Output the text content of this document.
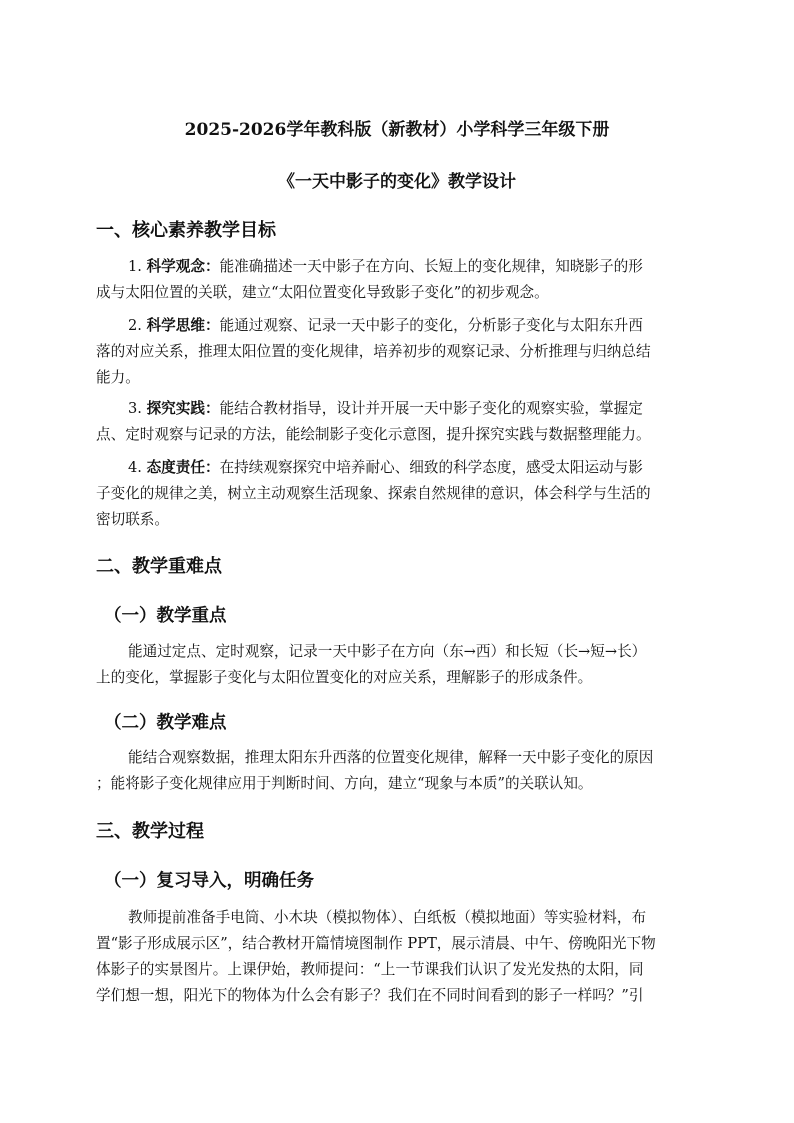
2025-2026学年教科版（新教材）小学科学三年级下册
《一天中影子的变化》教学设计
一、核心素养教学目标
1. 科学观念：能准确描述一天中影子在方向、长短上的变化规律，知晓影子的形
成与太阳位置的关联，建立“太阳位置变化导致影子变化”的初步观念。
2. 科学思维：能通过观察、记录一天中影子的变化，分析影子变化与太阳东升西
落的对应关系，推理太阳位置的变化规律，培养初步的观察记录、分析推理与归纳总结
能力。
3. 探究实践：能结合教材指导，设计并开展一天中影子变化的观察实验，掌握定
点、定时观察与记录的方法，能绘制影子变化示意图，提升探究实践与数据整理能力。
4. 态度责任：在持续观察探究中培养耐心、细致的科学态度，感受太阳运动与影
子变化的规律之美，树立主动观察生活现象、探索自然规律的意识，体会科学与生活的
密切联系。
二、教学重难点
（一）教学重点
能通过定点、定时观察，记录一天中影子在方向（东→西）和长短（长→短→长）
上的变化，掌握影子变化与太阳位置变化的对应关系，理解影子的形成条件。
（二）教学难点
能结合观察数据，推理太阳东升西落的位置变化规律，解释一天中影子变化的原因
；能将影子变化规律应用于判断时间、方向，建立“现象与本质”的关联认知。
三、教学过程
（一）复习导入，明确任务
教师提前准备手电筒、小木块（模拟物体）、白纸板（模拟地面）等实验材料，布
置“影子形成展示区”，结合教材开篇情境图制作 PPT，展示清晨、中午、傍晚阳光下物
体影子的实景图片。上课伊始，教师提问：“上一节课我们认识了发光发热的太阳，同
学们想一想，阳光下的物体为什么会有影子？我们在不同时间看到的影子一样吗？”引
